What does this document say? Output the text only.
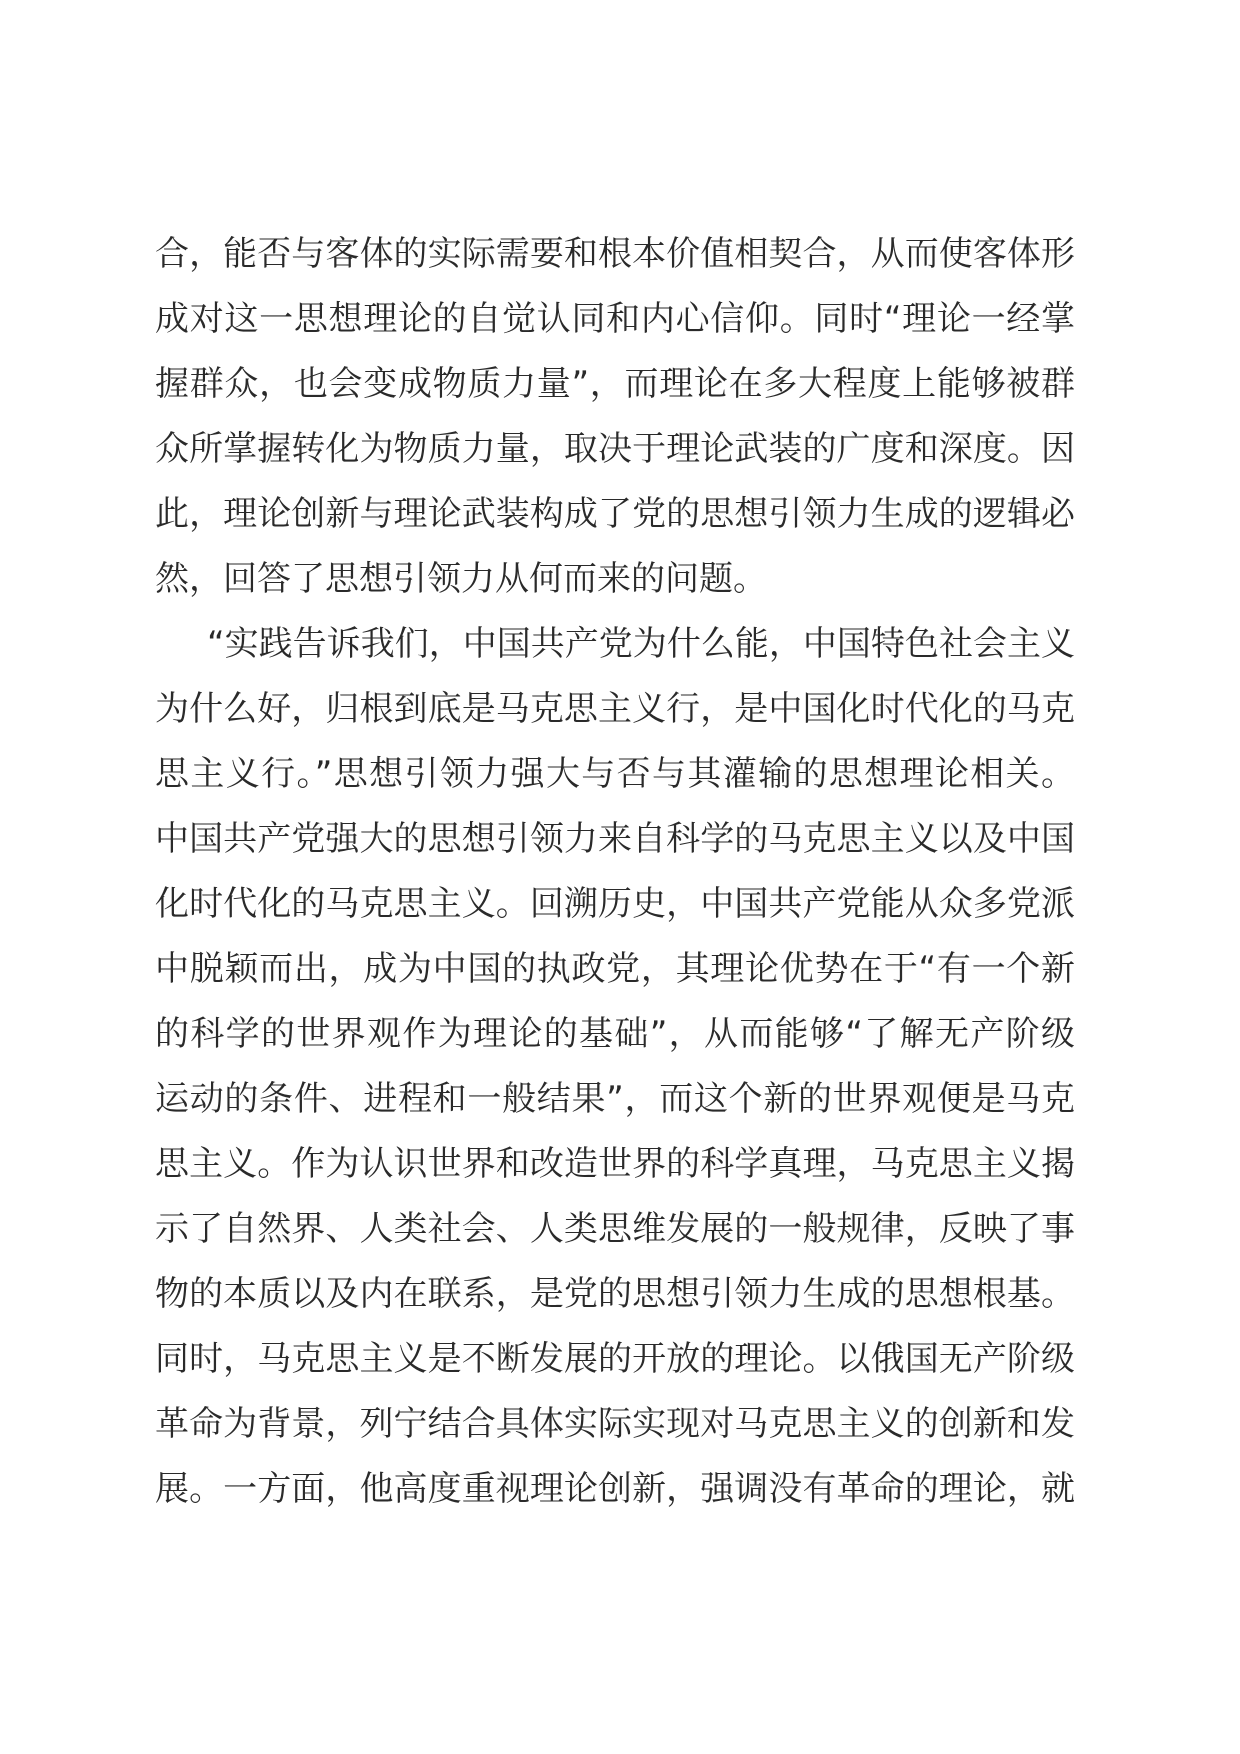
合，能否与客体的实际需要和根本价值相契合，从而使客体形
成对这一思想理论的自觉认同和内心信仰。同时“理论一经掌
握群众，也会变成物质力量”，而理论在多大程度上能够被群
众所掌握转化为物质力量，取决于理论武装的广度和深度。因
此，理论创新与理论武装构成了党的思想引领力生成的逻辑必
然，回答了思想引领力从何而来的问题。
“实践告诉我们，中国共产党为什么能，中国特色社会主义
为什么好，归根到底是马克思主义行，是中国化时代化的马克
思主义行。”思想引领力强大与否与其灌输的思想理论相关。
中国共产党强大的思想引领力来自科学的马克思主义以及中国
化时代化的马克思主义。回溯历史，中国共产党能从众多党派
中脱颖而出，成为中国的执政党，其理论优势在于“有一个新
的科学的世界观作为理论的基础”，从而能够“了解无产阶级
运动的条件、进程和一般结果”，而这个新的世界观便是马克
思主义。作为认识世界和改造世界的科学真理，马克思主义揭
示了自然界、人类社会、人类思维发展的一般规律，反映了事
物的本质以及内在联系，是党的思想引领力生成的思想根基。
同时，马克思主义是不断发展的开放的理论。以俄国无产阶级
革命为背景，列宁结合具体实际实现对马克思主义的创新和发
展。一方面，他高度重视理论创新，强调没有革命的理论，就
